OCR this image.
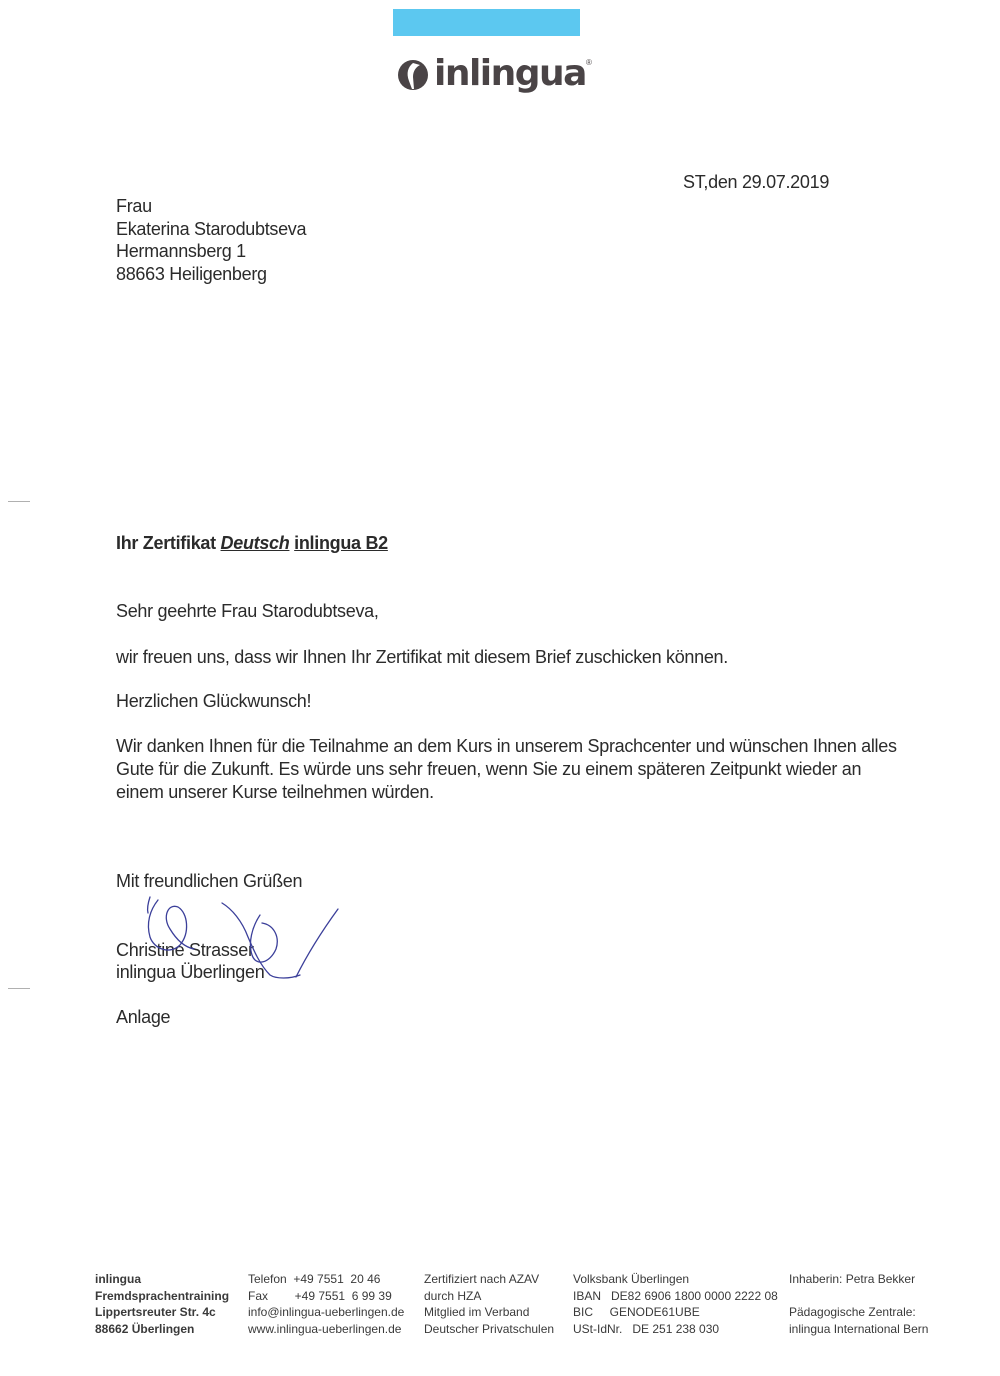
inlingua ®
ST,den 29.07.2019
Frau
Ekaterina Starodubtseva
Hermannsberg 1
88663 Heiligenberg
Ihr Zertifikat Deutsch inlingua B2
Sehr geehrte Frau Starodubtseva,
wir freuen uns, dass wir Ihnen Ihr Zertifikat mit diesem Brief zuschicken können.
Herzlichen Glückwunsch!
Wir danken Ihnen für die Teilnahme an dem Kurs in unserem Sprachcenter und wünschen Ihnen alles
Gute für die Zukunft. Es würde uns sehr freuen, wenn Sie zu einem späteren Zeitpunkt wieder an
einem unserer Kurse teilnehmen würden.
Mit freundlichen Grüßen
Christine Strasser
inlingua Überlingen
Anlage
inlingua
Fremdsprachentraining
Lippertsreuter Str. 4c
88662 Überlingen
Telefon  +49 7551  20 46
Fax        +49 7551  6 99 39
info@inlingua-ueberlingen.de
www.inlingua-ueberlingen.de
Zertifiziert nach AZAV
durch HZA
Mitglied im Verband
Deutscher Privatschulen
Volksbank Überlingen
IBAN   DE82 6906 1800 0000 2222 08
BIC     GENODE61UBE
USt-IdNr.   DE 251 238 030
Inhaberin: Petra Bekker
Pädagogische Zentrale:
inlingua International Bern
